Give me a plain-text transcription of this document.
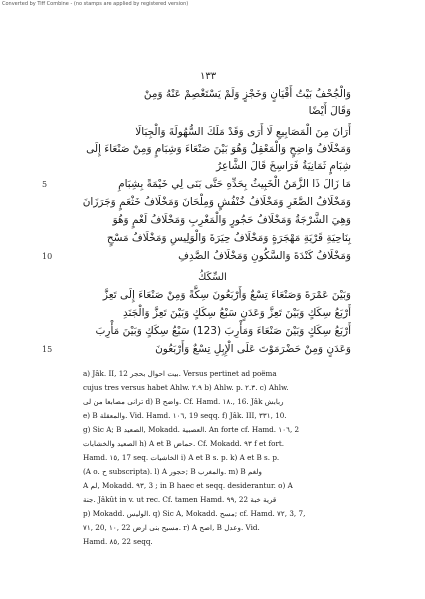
Converted by Tiff Combine - (no stamps are applied by registered version)
١٣٣
وَالْجُحْفُ بَيْتُ أَقْيَانٍ وَخَجْزٍ وَلَمْ يَسْتَغْصِمْ عَنْهُ وَمِنْ
وَقَالَ أَيْضًا
أَرَانَ مِنَ الْمَصَابِيعِ لَا أَرَى وَقَدْ مَلَكَ السُّهُولَةَ وَالْجِبَالَا
وَمَخْلَافُ وَاضِحٍ وَالْمَعْقِلُ وَهُوَ بَيْنَ صَنْعَاءَ وَشِبَامٍ وَمِنْ صَنْعَاءَ إِلَى
شِبَامٍ ثَمَانِيَةُ فَرَاسِخَ قَالَ الشَّاعِرُ
مَا زَالَ ذَا الزَّمَنُ الْخَبِيثُ بِحَدِّهِ حَتَّى بَنَى لِي خَيْمَةً بِشِبَامِ
5
وَمَخْلَافُ الصَّغَرِ وَمَخْلَافُ خُنْفُشٍ وَمِلْحَانَ وَمَخْلَافُ خَثْعَمٍ وَجَرَزَانَ
وَهِيَ الشَّرْجَةُ وَمَخْلَافُ حَجُورٍ وَالْمَغْرِبِ وَمَخْلَافُ لَغْمٍ وَهُوَ
بِنَاحِيَةِ قَرْيَةِ مَهْجَرَةٍ وَمَخْلَافُ حِيَرَةَ وَالْوَلِيسِ وَمَخْلَافُ مَسْحٍ
وَمَخْلَافُ كَنْدَةَ وَالسَّكُونِ وَمَخْلَافُ الصَّدِفِ
10
وَبَيْنَ عَمْرَةَ وَصَنْعَاءَ تِسْعٌ وَأَرْبَعُونَ سِكَّةً وَمِنْ صَنْعَاءَ إِلَى تَعِزَّ
أَرْبَعُ سِكَكٍ وَبَيْنَ تَعِزَّ وَعَدَنٍ سَبْعُ سِكَكٍ وَبَيْنَ تَعِزَّ وَالْجَنَدِ
أَرْبَعُ سِكَكٍ وَبَيْنَ صَنْعَاءَ وَمَأْرِبَ (123) سَبْعُ سِكَكٍ وَبَيْنَ مَأْرِبَ
وَعَدَنٍ وَمِنْ حَضْرَمَوْتَ عَلَى الْإِبِلِ تِسْعٌ وَأَرْبَعُونَ
15
السِّكَكُ
a) Jâk. II, 12 بيت احوال بحجر. Versus pertinet ad poëma
cujus tres versus habet Ahlw. ٢.٩ b) Ahlw. p. ٢.٣. c) Ahlw.
ترانى مصابعا من لى d) B واضح. Cf. Hamd. ١٨., 16. Jâk ربابش
e) B والمعقلة. Vid. Hamd. ١٠٦, 19 seqq. f) Jâk. III, ٣٣١, 10.
g) Sic A; B الصعيد, Mokadd. العصبية. An forte cf. Hamd. ١٠٦, 2
الصعيد والخشابات h) A et B حماض. Cf. Mokadd. ٩٣ f et fort.
Hamd. ١٥, 17 seq. الخاشيات i) A et B s. p. k) A et B s. p.
(A o. ح subscripta). l) A حجور; B والمغرب. m) B ولغم
A لم, Mokadd. ٩٣, 3 ; in B haec et seqq. desiderantur. o) A
جنة. Jâkût in v. ut rec. Cf. tamen Hamd. ٩٩, 22 قرية خبة
p) Mokadd. الوليس. q) Sic A, Mokadd. مسح; cf. Hamd. ٧٢, 3, 7,
٧١, 20, ١٠, 22 مسيح بنى ارض. r) A اصح, B وعدل. Vid.
Hamd. ٨٥, 22 seqq.
